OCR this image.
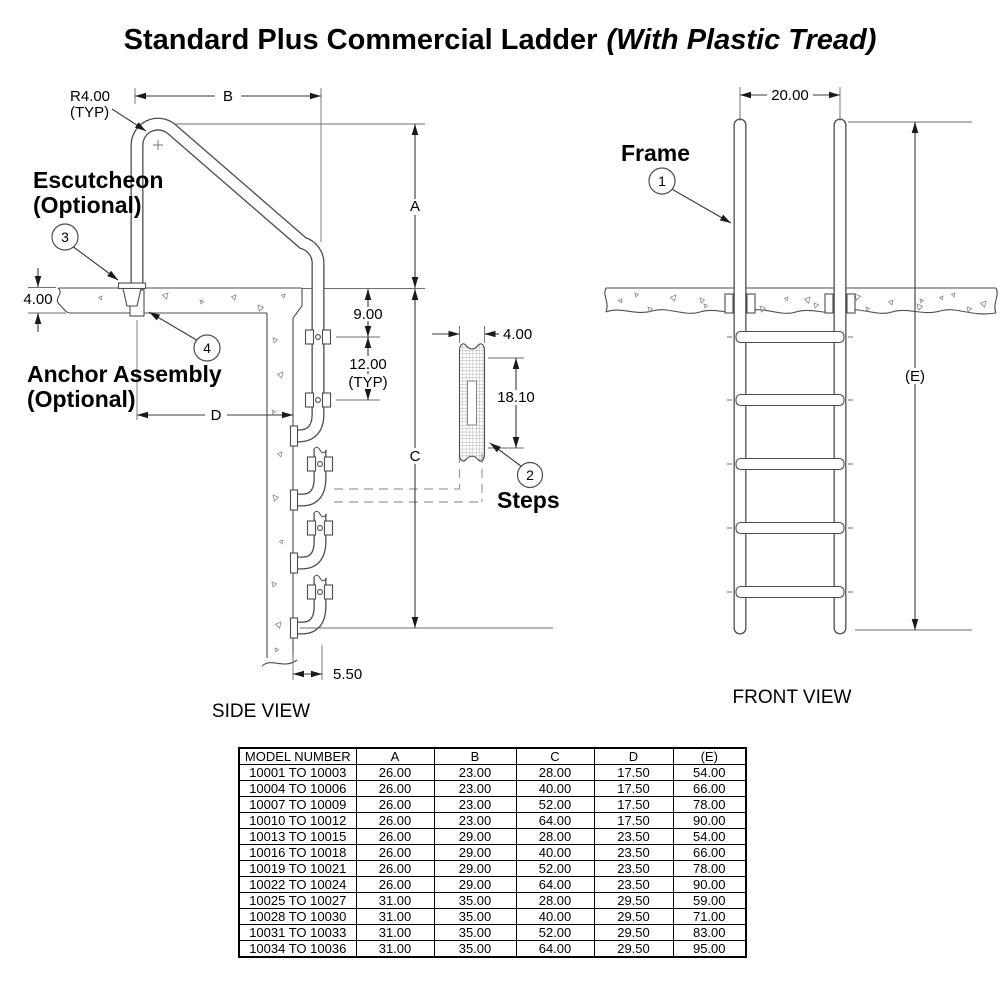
Standard Plus Commercial Ladder (With Plastic Tread)
4.00
18.10
2
Steps
Frame
1
20.00
(E)
FRONT VIEW
R4.00
(TYP)
B
A
4.00
9.00
12.00
(TYP)
D
C
5.50
Escutcheon
(Optional)
3
4
Anchor Assembly
(Optional)
SIDE VIEW
MODEL NUMBER	A	B	C	D	(E)
10001 TO 10003	26.00	23.00	28.00	17.50	54.00
10004 TO 10006	26.00	23.00	40.00	17.50	66.00
10007 TO 10009	26.00	23.00	52.00	17.50	78.00
10010 TO 10012	26.00	23.00	64.00	17.50	90.00
10013 TO 10015	26.00	29.00	28.00	23.50	54.00
10016 TO 10018	26.00	29.00	40.00	23.50	66.00
10019 TO 10021	26.00	29.00	52.00	23.50	78.00
10022 TO 10024	26.00	29.00	64.00	23.50	90.00
10025 TO 10027	31.00	35.00	28.00	29.50	59.00
10028 TO 10030	31.00	35.00	40.00	29.50	71.00
10031 TO 10033	31.00	35.00	52.00	29.50	83.00
10034 TO 10036	31.00	35.00	64.00	29.50	95.00
